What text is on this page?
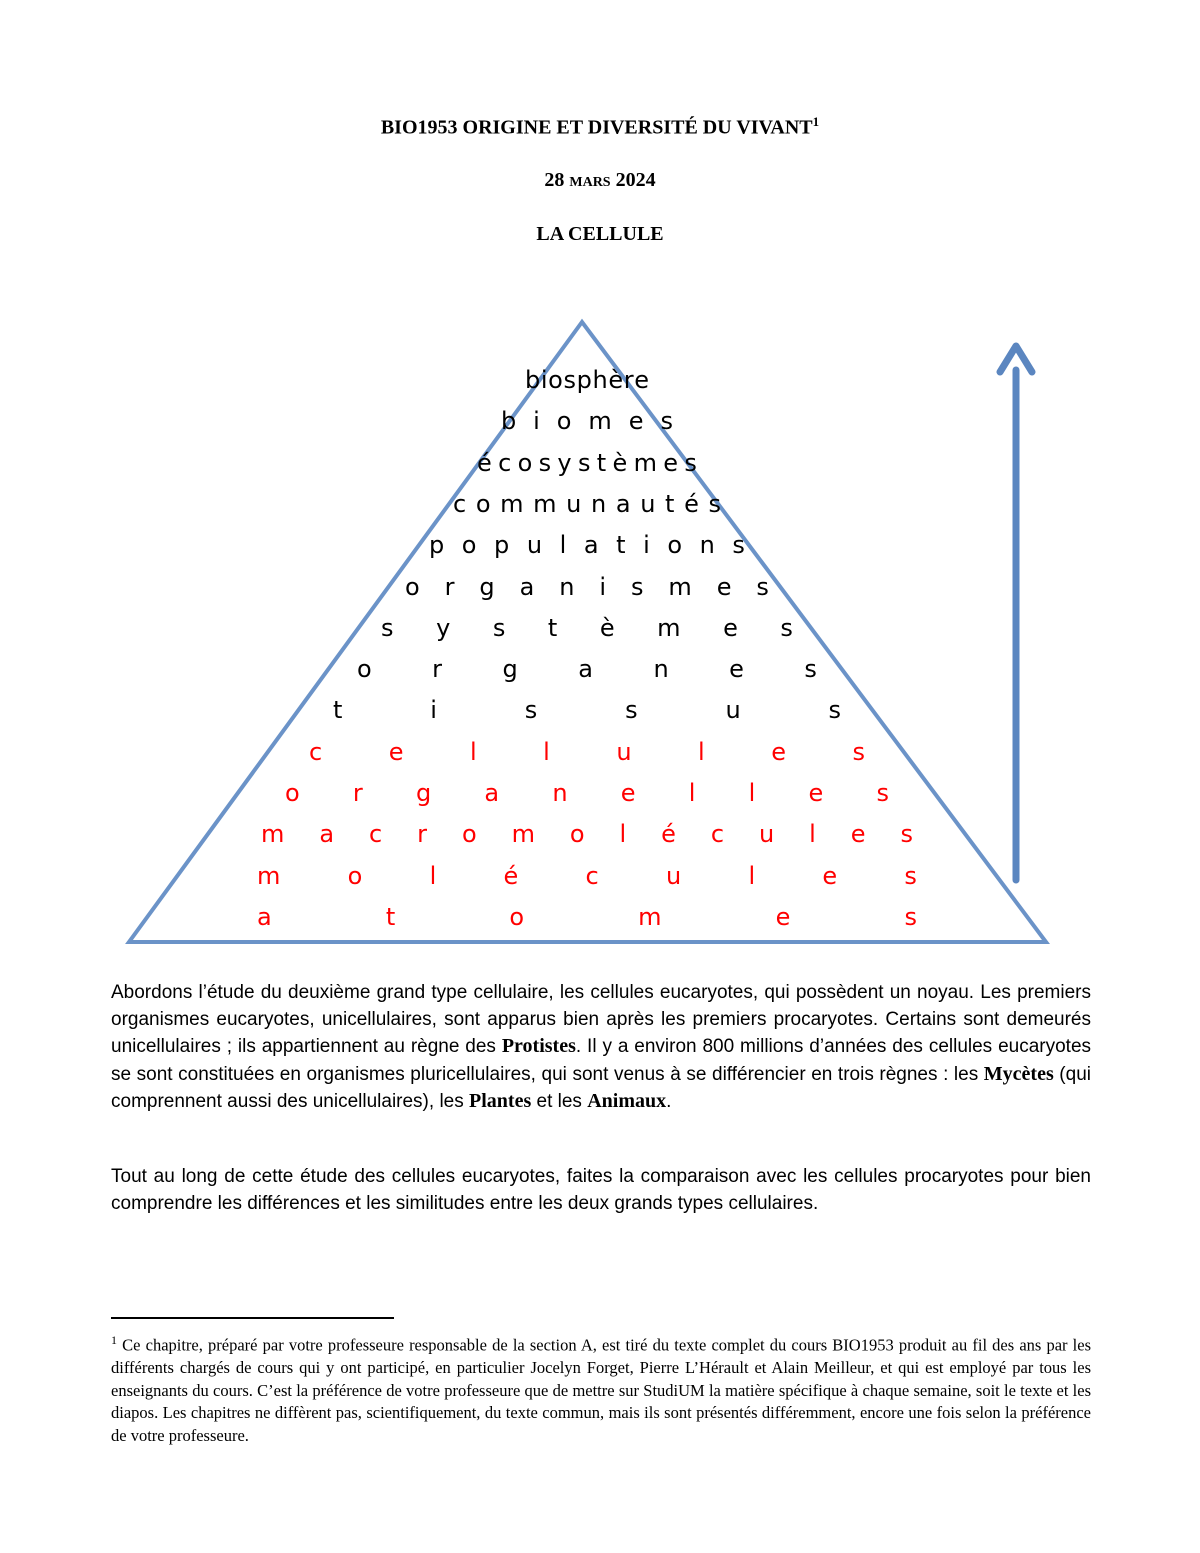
BIO1953 ORIGINE ET DIVERSITÉ DU VIVANT$^1$
28 mars 2024
LA CELLULE
b i o s p h è r e
b i o m e s
é c o s y s t è m e s
c o m m u n a u t é s
p o p u l a t i o n s
o r g a n i s m e s
s y s t è m e s
o	r	g	a	n	e	s
t	i	s	s	u	s
c	e	l	l	u	l	e	s
o r g a n e l l e s
m a c r o m o l é c u l e s
m	o	l	é	c	u	l	e	s
a	t	o	m	e	s
Abordons l’étude du deuxième grand type cellulaire, les cellules eucaryotes, qui possèdent un noyau. Les premiers organismes eucaryotes, unicellulaires, sont apparus bien après les premiers procaryotes. Certains sont demeurés unicellulaires ; ils appartiennent au règne des Protistes. Il y a environ 800 millions d’années des cellules eucaryotes se sont constituées en organismes pluricellulaires, qui sont venus à se différencier en trois règnes : les Mycètes (qui comprennent aussi des unicellulaires), les Plantes et les Animaux.
Tout au long de cette étude des cellules eucaryotes, faites la comparaison avec les cellules procaryotes pour bien comprendre les différences et les similitudes entre les deux grands types cellulaires.
$^1$ Ce chapitre, préparé par votre professeure responsable de la section A, est tiré du texte complet du cours BIO1953 produit au fil des ans par les différents chargés de cours qui y ont participé, en particulier Jocelyn Forget, Pierre L’Hérault et Alain Meilleur, et qui est employé par tous les enseignants du cours. C’est la préférence de votre professeure que de mettre sur StudiUM la matière spécifique à chaque semaine, soit le texte et les diapos. Les chapitres ne diffèrent pas, scientifiquement, du texte commun, mais ils sont présentés différemment, encore une fois selon la préférence de votre professeure.
